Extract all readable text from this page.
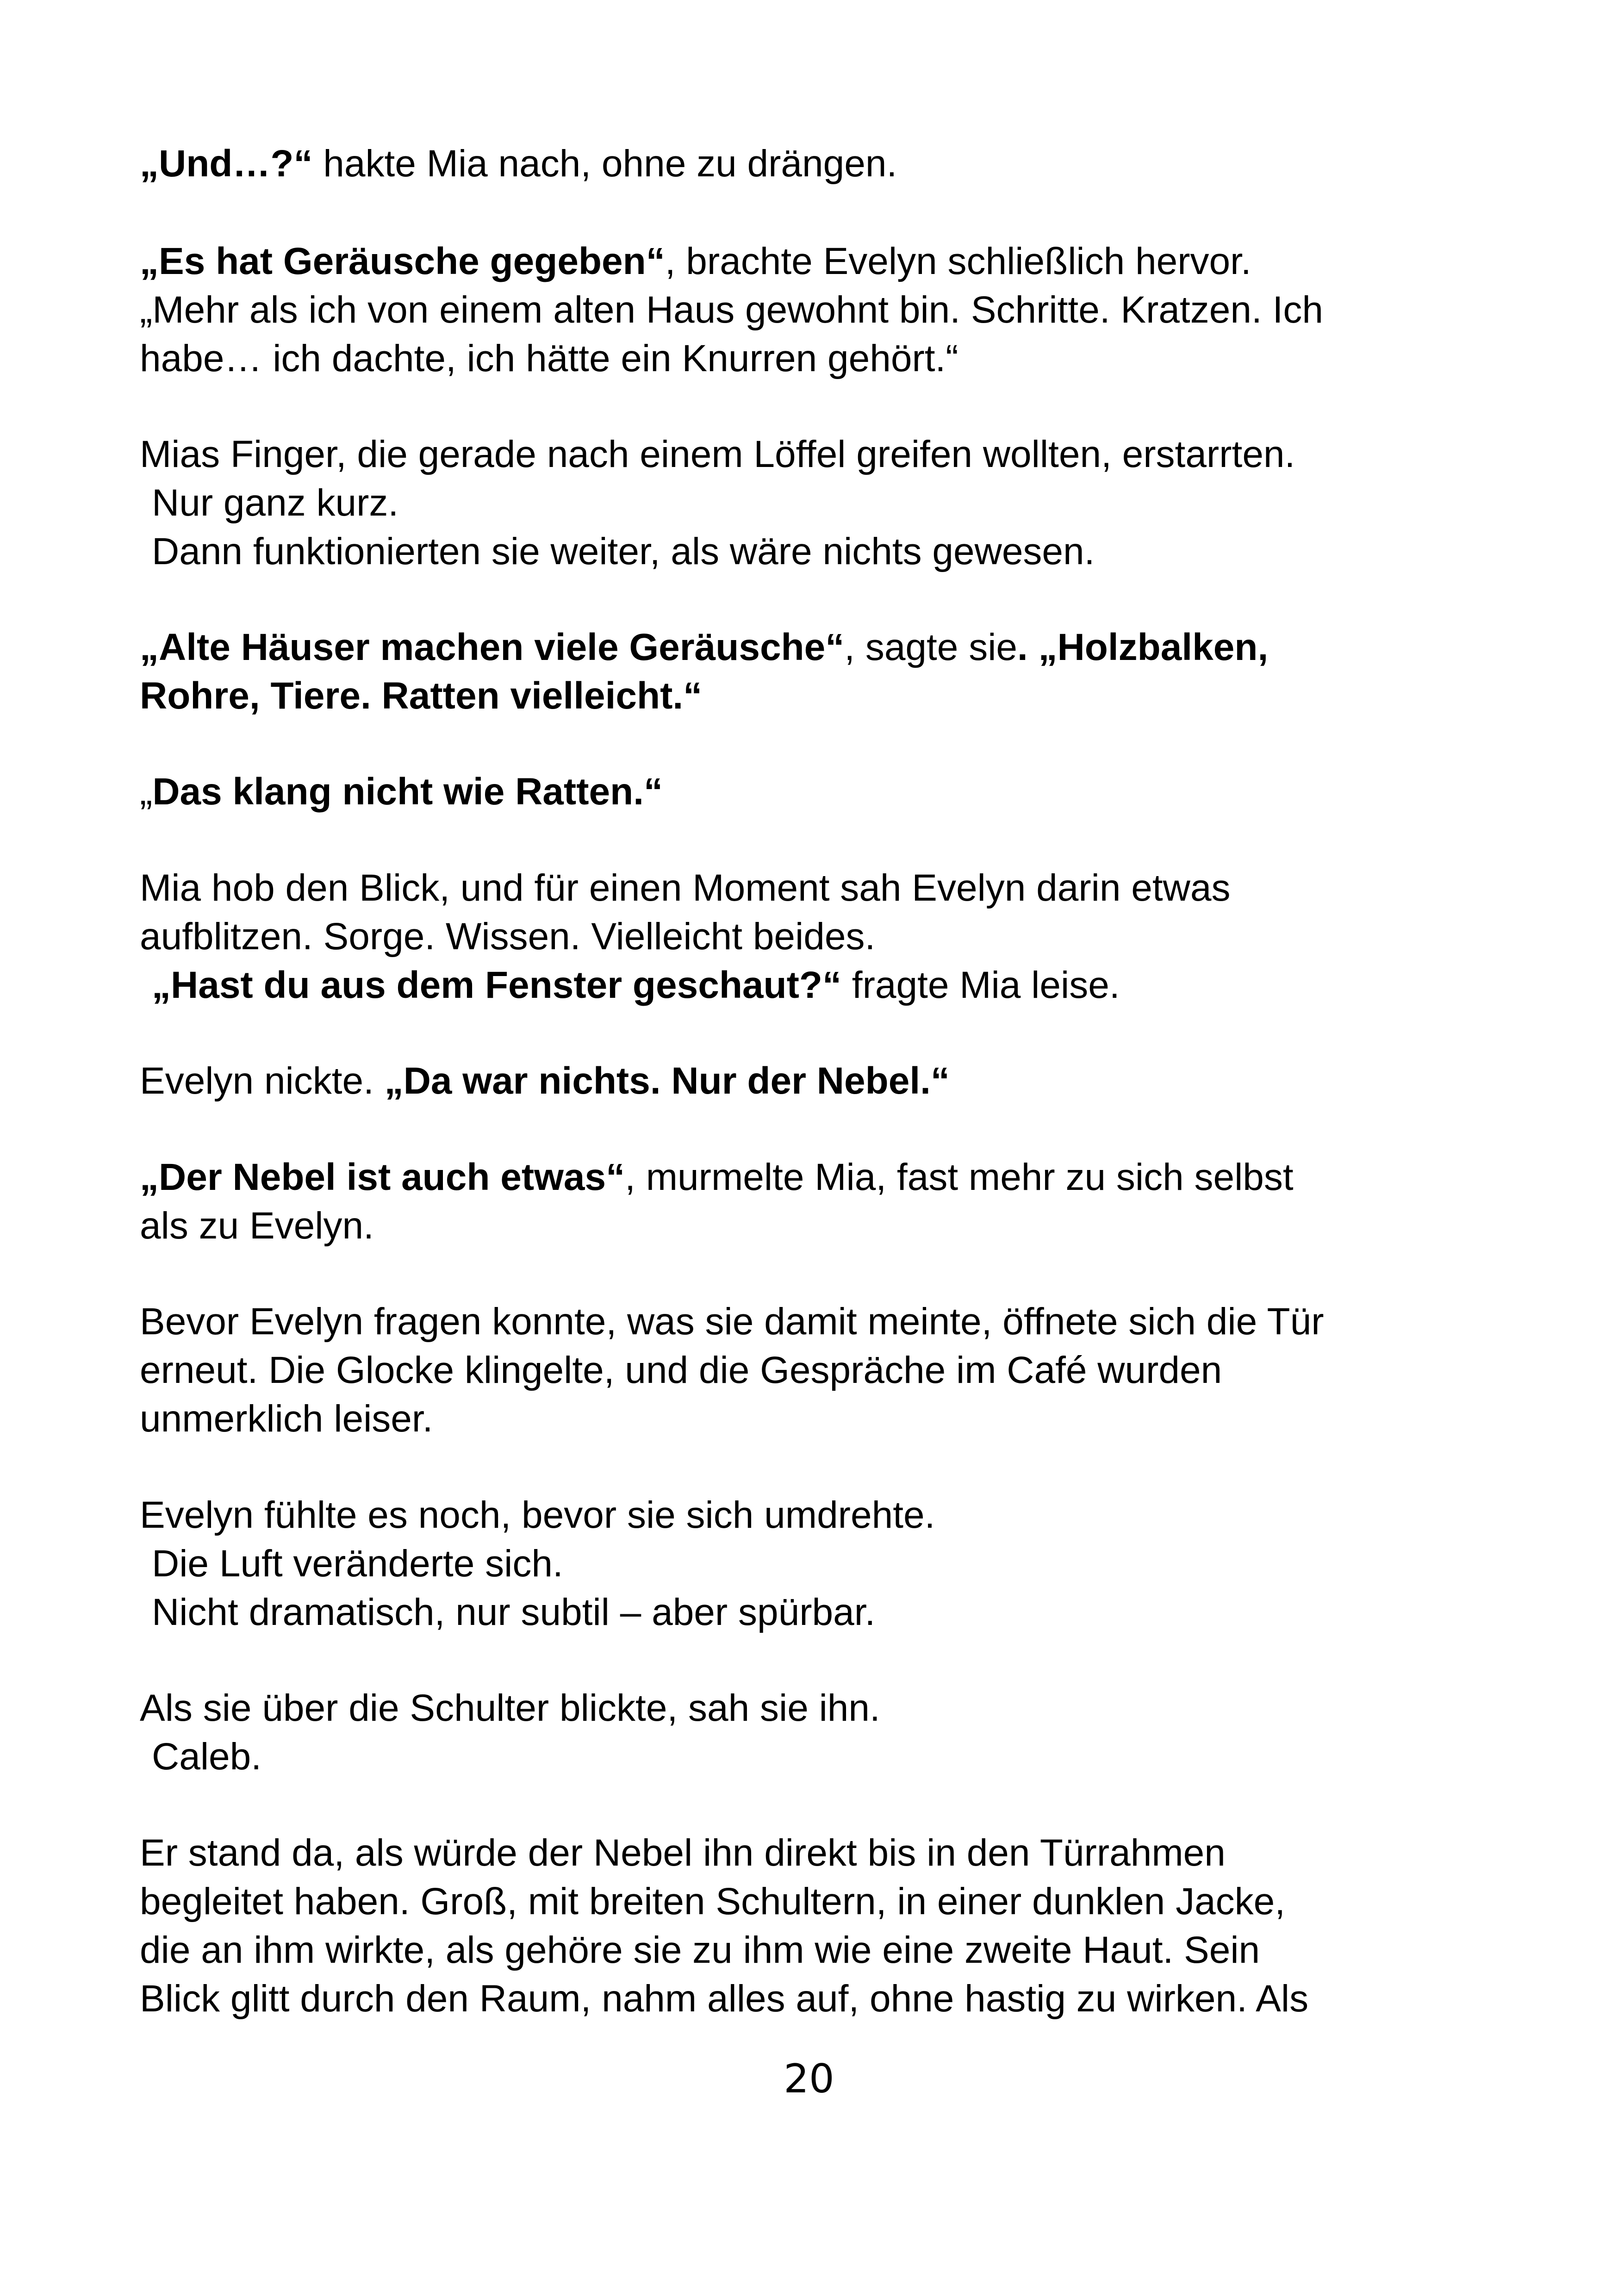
„Und…?“ hakte Mia nach, ohne zu drängen.
„Es hat Geräusche gegeben“, brachte Evelyn schließlich hervor.
„Mehr als ich von einem alten Haus gewohnt bin. Schritte. Kratzen. Ich
habe… ich dachte, ich hätte ein Knurren gehört.“
Mias Finger, die gerade nach einem Löffel greifen wollten, erstarrten.
Nur ganz kurz.
Dann funktionierten sie weiter, als wäre nichts gewesen.
„Alte Häuser machen viele Geräusche“, sagte sie. „Holzbalken,
Rohre, Tiere. Ratten vielleicht.“
„Das klang nicht wie Ratten.“
Mia hob den Blick, und für einen Moment sah Evelyn darin etwas
aufblitzen. Sorge. Wissen. Vielleicht beides.
„Hast du aus dem Fenster geschaut?“ fragte Mia leise.
Evelyn nickte. „Da war nichts. Nur der Nebel.“
„Der Nebel ist auch etwas“, murmelte Mia, fast mehr zu sich selbst
als zu Evelyn.
Bevor Evelyn fragen konnte, was sie damit meinte, öffnete sich die Tür
erneut. Die Glocke klingelte, und die Gespräche im Café wurden
unmerklich leiser.
Evelyn fühlte es noch, bevor sie sich umdrehte.
Die Luft veränderte sich.
Nicht dramatisch, nur subtil – aber spürbar.
Als sie über die Schulter blickte, sah sie ihn.
Caleb.
Er stand da, als würde der Nebel ihn direkt bis in den Türrahmen
begleitet haben. Groß, mit breiten Schultern, in einer dunklen Jacke,
die an ihm wirkte, als gehöre sie zu ihm wie eine zweite Haut. Sein
Blick glitt durch den Raum, nahm alles auf, ohne hastig zu wirken. Als
20
